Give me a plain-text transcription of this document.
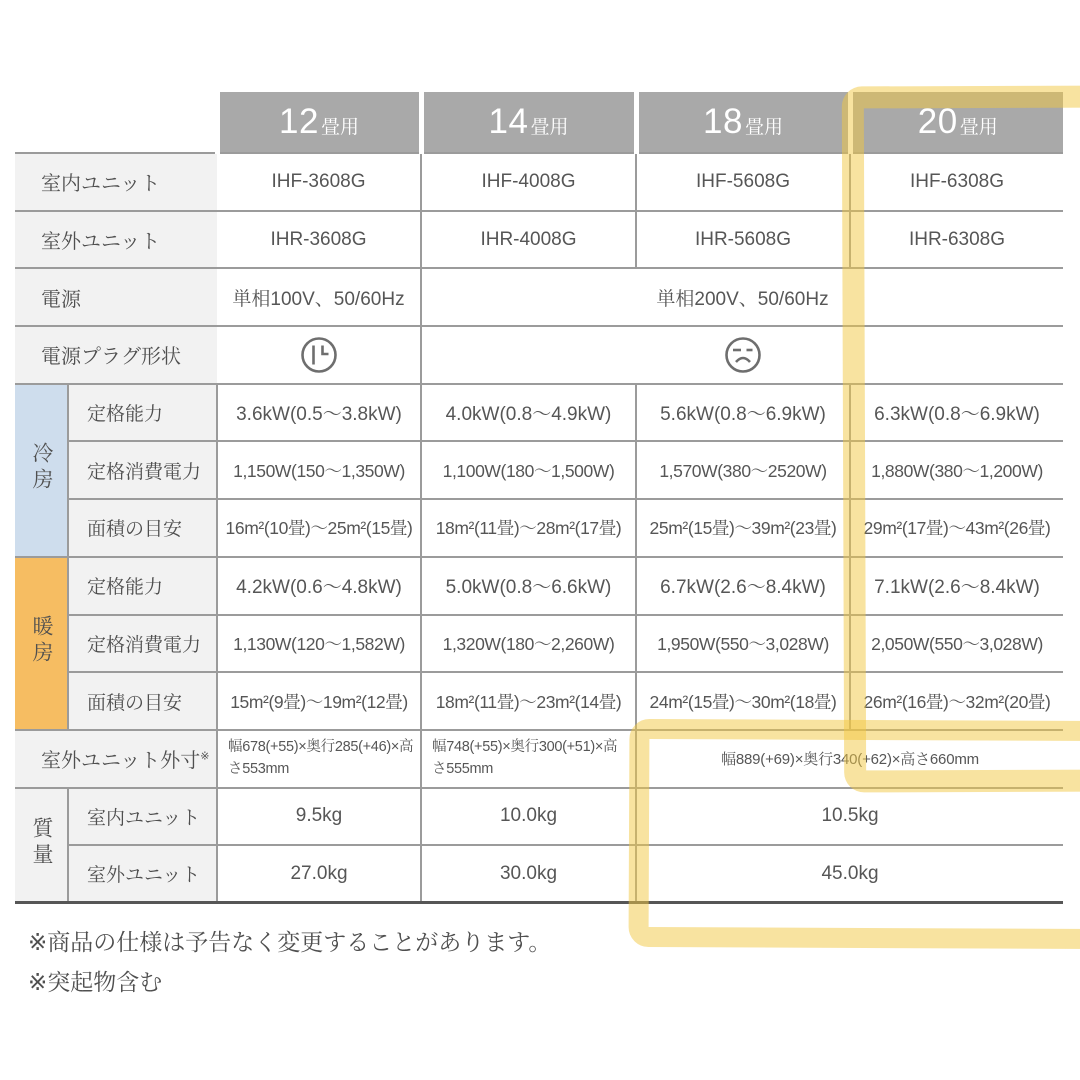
		12 畳用	14 畳用	18 畳用	20 畳用
室内ユニット		IHF-3608G	IHF-4008G	IHF-5608G	IHF-6308G
室外ユニット		IHR-3608G	IHR-4008G	IHR-5608G	IHR-6308G
電源		単相100V、50/60Hz	単相200V、50/60Hz		
電源プラグ形状	

冷房	定格能力	3.6kW(0.5〜3.8kW)	4.0kW(0.8〜4.9kW)	5.6kW(0.8〜6.9kW)	6.3kW(0.8〜6.9kW)
	定格消費電力	1,150W(150〜1,350W)	1,100W(180〜1,500W)	1,570W(380〜2520W)	1,880W(380〜1,200W)
	面積の目安	16m²(10畳)〜25m²(15畳)	18m²(11畳)〜28m²(17畳)	25m²(15畳)〜39m²(23畳)	29m²(17畳)〜43m²(26畳)
暖房	定格能力	4.2kW(0.6〜4.8kW)	5.0kW(0.8〜6.6kW)	6.7kW(2.6〜8.4kW)	7.1kW(2.6〜8.4kW)
	定格消費電力	1,130W(120〜1,582W)	1,320W(180〜2,260W)	1,950W(550〜3,028W)	2,050W(550〜3,028W)
	面積の目安	15m²(9畳)〜19m²(12畳)	18m²(11畳)〜23m²(14畳)	24m²(15畳)〜30m²(18畳)	26m²(16畳)〜32m²(20畳)
室外ユニット外寸※		幅678(+55)×奥行285(+46)×高さ553mm	幅748(+55)×奥行300(+51)×高さ555mm	幅889(+69)×奥行340(+62)×高さ660mm	
質量	室内ユニット	9.5kg	10.0kg	10.5kg	
	室外ユニット	27.0kg	30.0kg	45.0kg	
※商品の仕様は予告なく変更することがあります。
※突起物含む
